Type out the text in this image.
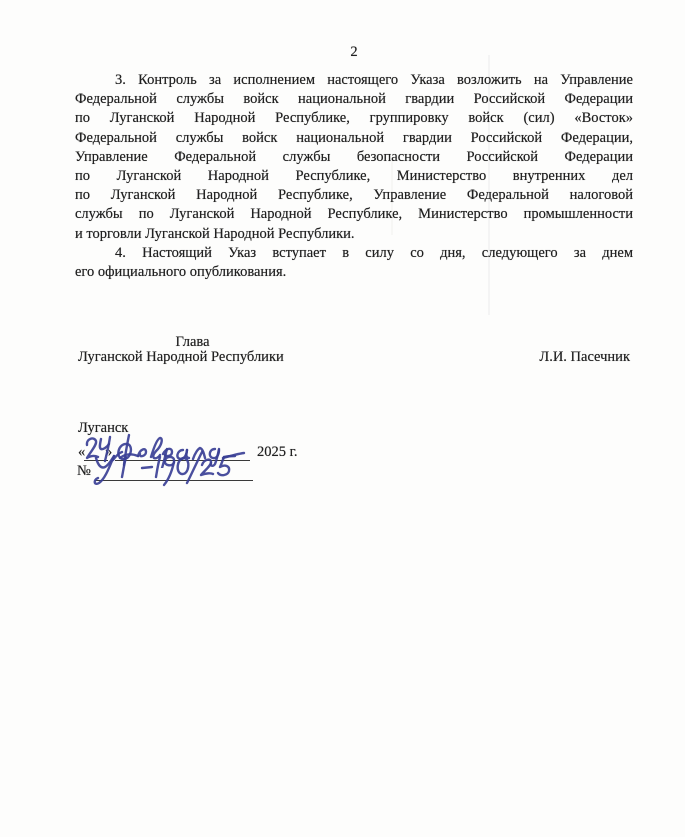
2
3. Контроль за исполнением настоящего Указа возложить на Управление
Федеральной службы войск национальной гвардии Российской Федерации
по Луганской Народной Республике, группировку войск (сил) «Восток»
Федеральной службы войск национальной гвардии Российской Федерации,
Управление Федеральной службы безопасности Российской Федерации
по Луганской Народной Республике, Министерство внутренних дел
по Луганской Народной Республике, Управление Федеральной налоговой
службы по Луганской Народной Республике, Министерство промышленности
и торговли Луганской Народной Республики.
4. Настоящий Указ вступает в силу со дня, следующего за днем
его официального опубликования.
Глава
Луганской Народной Республики	Л.И. Пасечник
Луганск
« »	2025 г.
№
